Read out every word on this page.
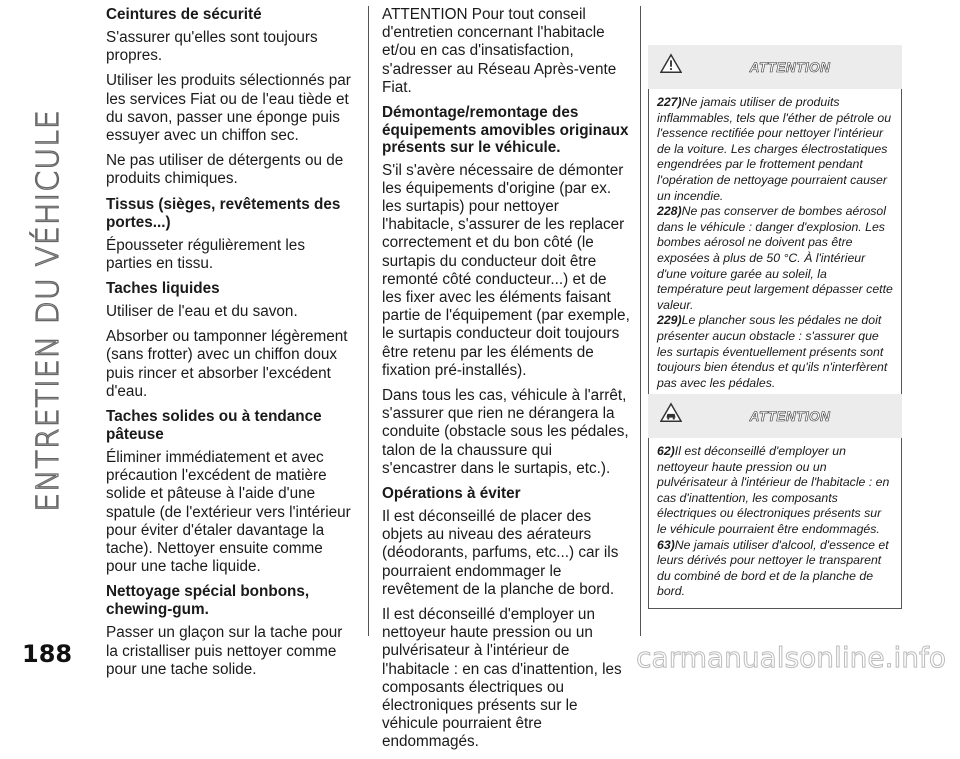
ENTRETIEN DU VÉHICULE
Ceintures de sécurité

S'assurer qu'elles sont toujours propres.

Utiliser les produits sélectionnés par les services Fiat ou de l'eau tiède et du savon, passer une éponge puis essuyer avec un chiffon sec.

Ne pas utiliser de détergents ou de produits chimiques.

Tissus (sièges, revêtements des portes...)

Épousseter régulièrement les parties en tissu.

Taches liquides

Utiliser de l'eau et du savon.

Absorber ou tamponner légèrement (sans frotter) avec un chiffon doux puis rincer et absorber l'excédent d'eau.

Taches solides ou à tendance pâteuse

Éliminer immédiatement et avec précaution l'excédent de matière solide et pâteuse à l'aide d'une spatule (de l'extérieur vers l'intérieur pour éviter d'étaler davantage la tache). Nettoyer ensuite comme pour une tache liquide.

Nettoyage spécial bonbons, chewing-gum.

Passer un glaçon sur la tache pour la cristalliser puis nettoyer comme pour une tache solide.

ATTENTION Pour tout conseil d'entretien concernant l'habitacle et/ou en cas d'insatisfaction, s'adresser au Réseau Après-vente Fiat.

Démontage/remontage des équipements amovibles originaux présents sur le véhicule.

S'il s'avère nécessaire de démonter les équipements d'origine (par ex. les surtapis) pour nettoyer l'habitacle, s'assurer de les replacer correctement et du bon côté (le surtapis du conducteur doit être remonté côté conducteur...) et de les fixer avec les éléments faisant partie de l'équipement (par exemple, le surtapis conducteur doit toujours être retenu par les éléments de fixation pré-installés).

Dans tous les cas, véhicule à l'arrêt, s'assurer que rien ne dérangera la conduite (obstacle sous les pédales, talon de la chaussure qui s'encastrer dans le surtapis, etc.).

Opérations à éviter

Il est déconseillé de placer des objets au niveau des aérateurs (déodorants, parfums, etc...) car ils pourraient endommager le revêtement de la planche de bord.

Il est déconseillé d'employer un nettoyeur haute pression ou un pulvérisateur à l'intérieur de l'habitacle : en cas d'inattention, les composants électriques ou électroniques présents sur le véhicule pourraient être endommagés.

ATTENTION

227)Ne jamais utiliser de produits inflammables, tels que l'éther de pétrole ou l'essence rectifiée pour nettoyer l'intérieur de la voiture. Les charges électrostatiques engendrées par le frottement pendant l'opération de nettoyage pourraient causer un incendie.

228)Ne pas conserver de bombes aérosol dans le véhicule : danger d'explosion. Les bombes aérosol ne doivent pas être exposées à plus de 50 °C. À l'intérieur d'une voiture garée au soleil, la température peut largement dépasser cette valeur.

229)Le plancher sous les pédales ne doit présenter aucun obstacle : s'assurer que les surtapis éventuellement présents sont toujours bien étendus et qu'ils n'interfèrent pas avec les pédales.

ATTENTION

62)Il est déconseillé d'employer un nettoyeur haute pression ou un pulvérisateur à l'intérieur de l'habitacle : en cas d'inattention, les composants électriques ou électroniques présents sur le véhicule pourraient être endommagés.

63)Ne jamais utiliser d'alcool, d'essence et leurs dérivés pour nettoyer le transparent du combiné de bord et de la planche de bord.

188	carmanualsonline.info
